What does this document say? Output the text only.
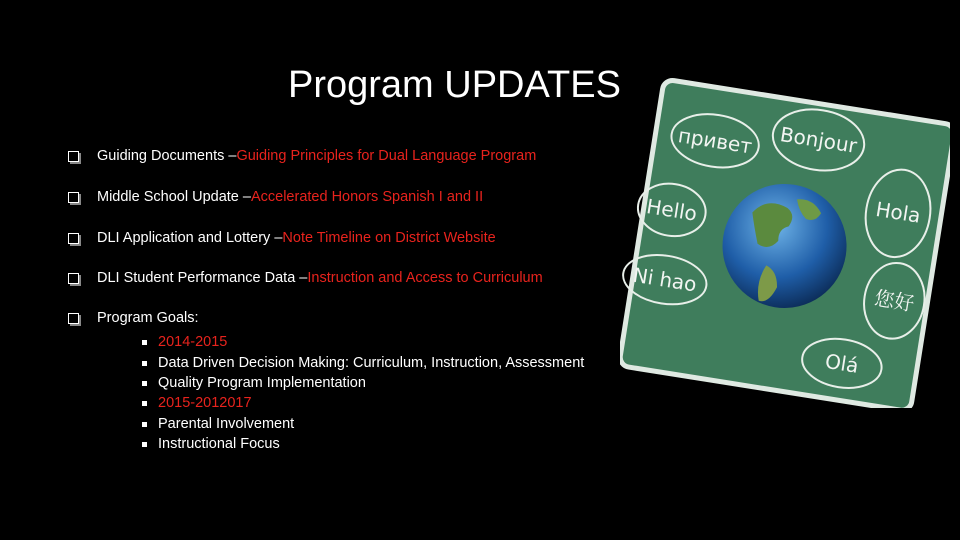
Program UPDATES
Guiding Documents – Guiding Principles for Dual Language Program
Middle School Update – Accelerated Honors Spanish I and II
DLI Application and Lottery – Note Timeline on District Website
DLI Student Performance Data – Instruction and Access to Curriculum
Program Goals:
2014-2015
Data Driven Decision Making: Curriculum, Instruction, Assessment
Quality Program Implementation
2015-2012017
Parental Involvement
Instructional Focus
привет Bonjour
Hola
Hello
Ni hao
您好
Olá
